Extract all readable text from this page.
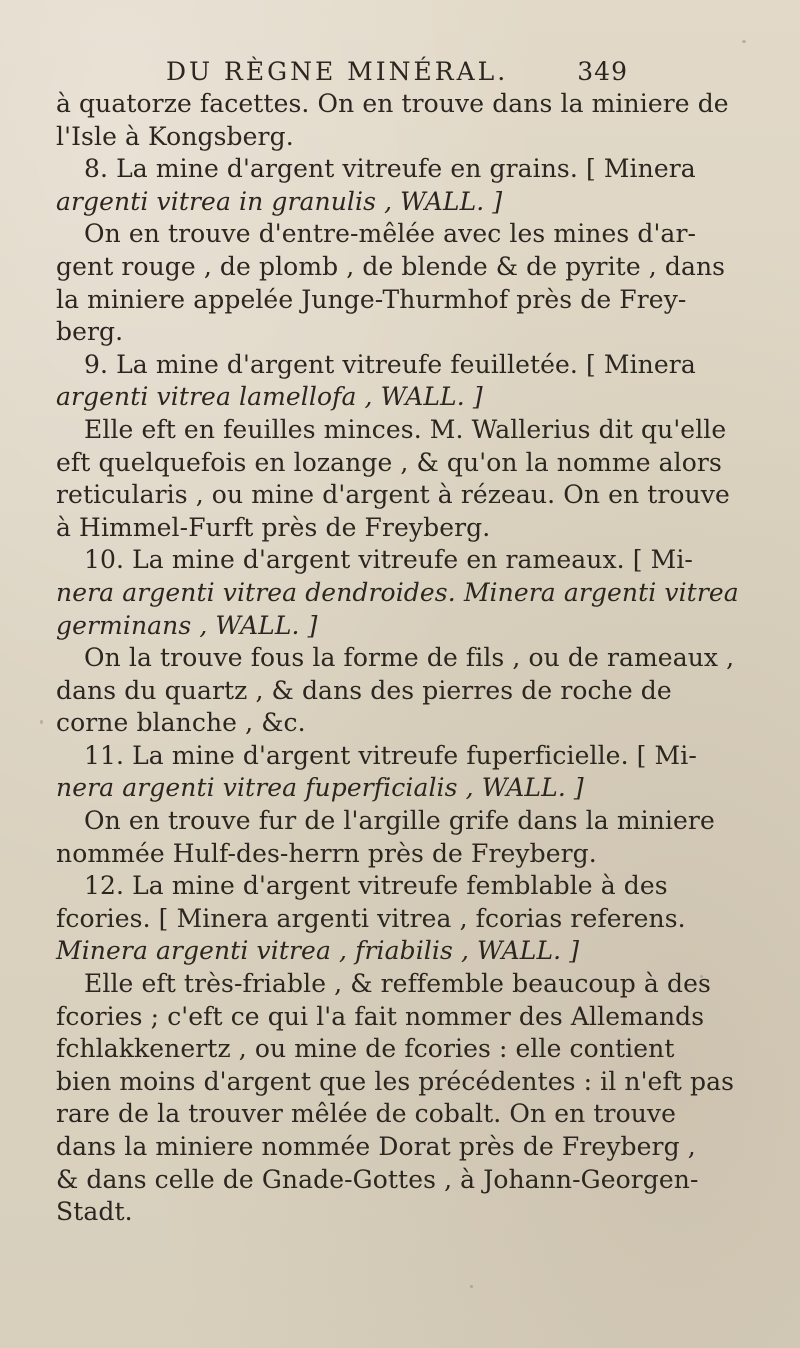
DU RÈGNE MINÉRAL.	349
à quatorze facettes. On en trouve dans la miniere de
l'Isle à Kongsberg.
8. La mine d'argent vitreufe en grains. [ Minera
argenti vitrea in granulis , WALL. ]
On en trouve d'entre-mêlée avec les mines d'ar-
gent rouge , de plomb , de blende & de pyrite , dans
la miniere appelée Junge-Thurmhof près de Frey-
berg.
9. La mine d'argent vitreufe feuilletée. [ Minera
argenti vitrea lamellofa , WALL. ]
Elle eft en feuilles minces. M. Wallerius dit qu'elle
eft quelquefois en lozange , & qu'on la nomme alors
reticularis , ou mine d'argent à rézeau. On en trouve
à Himmel-Furft près de Freyberg.
10. La mine d'argent vitreufe en rameaux. [ Mi-
nera argenti vitrea dendroides. Minera argenti vitrea
germinans , WALL. ]
On la trouve fous la forme de fils , ou de rameaux ,
dans du quartz , & dans des pierres de roche de
corne blanche , &c.
11. La mine d'argent vitreufe fuperficielle. [ Mi-
nera argenti vitrea fuperficialis , WALL. ]
On en trouve fur de l'argille grife dans la miniere
nommée Hulf-des-herrn près de Freyberg.
12. La mine d'argent vitreufe femblable à des
fcories. [ Minera argenti vitrea , fcorias referens.
Minera argenti vitrea , friabilis , WALL. ]
Elle eft très-friable , & reffemble beaucoup à des
fcories ; c'eft ce qui l'a fait nommer des Allemands
fchlakkenertz , ou mine de fcories : elle contient
bien moins d'argent que les précédentes : il n'eft pas
rare de la trouver mêlée de cobalt. On en trouve
dans la miniere nommée Dorat près de Freyberg ,
& dans celle de Gnade-Gottes , à Johann-Georgen-
Stadt.
